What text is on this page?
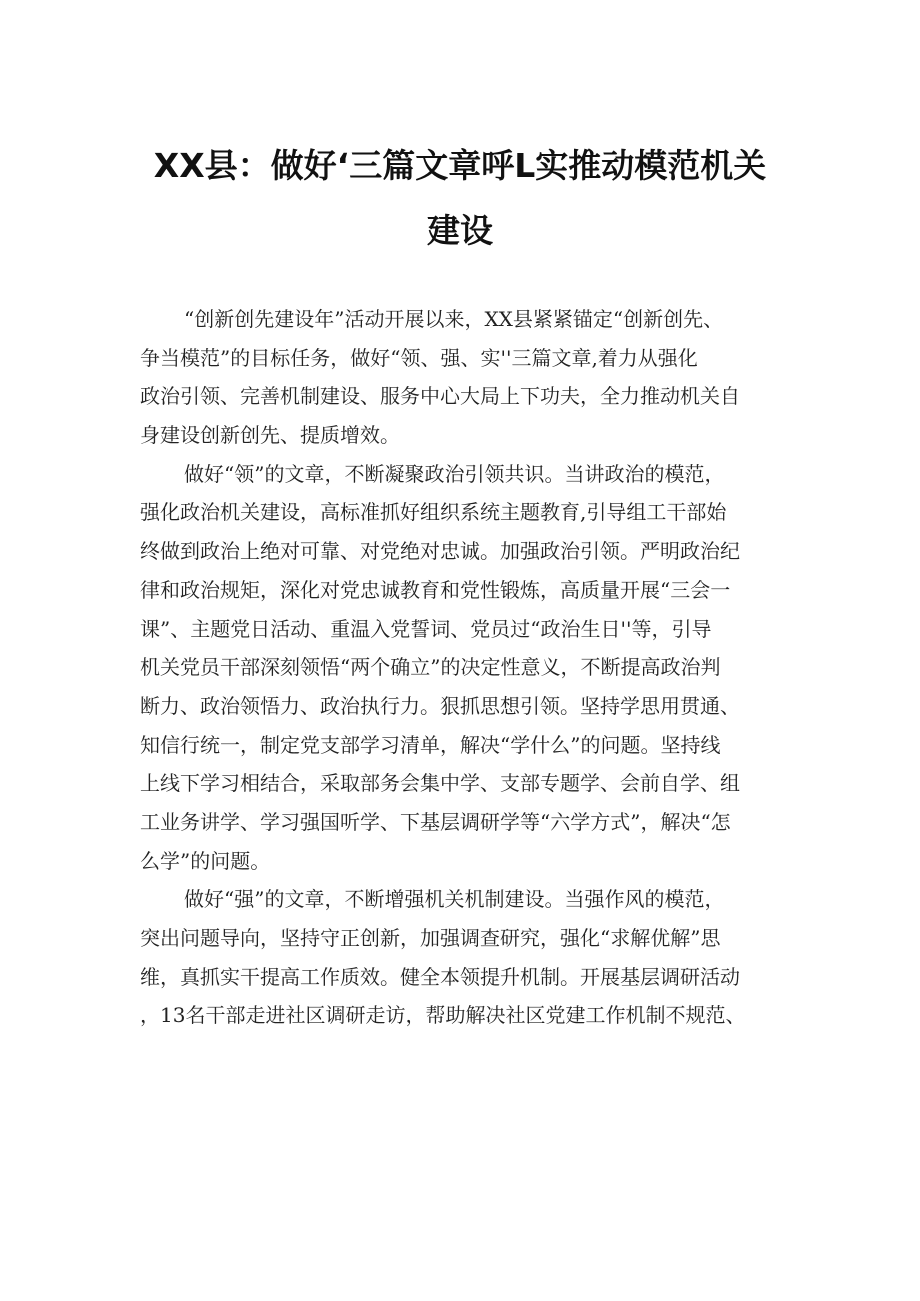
XX县：做好‘三篇文章呼L实推动模范机关
建设

“创新创先建设年”活动开展以来，XX县紧紧锚定“创新创先、

争当模范”的目标任务，做好“领、强、实''三篇文章,着力从强化

政治引领、完善机制建设、服务中心大局上下功夫，全力推动机关自

身建设创新创先、提质增效。

做好“领”的文章，不断凝聚政治引领共识。当讲政治的模范，

强化政治机关建设，高标准抓好组织系统主题教育,引导组工干部始

终做到政治上绝对可靠、对党绝对忠诚。加强政治引领。严明政治纪

律和政治规矩，深化对党忠诚教育和党性锻炼，高质量开展“三会一

课”、主题党日活动、重温入党誓词、党员过“政治生日''等，引导

机关党员干部深刻领悟“两个确立”的决定性意义，不断提高政治判

断力、政治领悟力、政治执行力。狠抓思想引领。坚持学思用贯通、

知信行统一，制定党支部学习清单，解决“学什么”的问题。坚持线

上线下学习相结合，采取部务会集中学、支部专题学、会前自学、组

工业务讲学、学习强国听学、下基层调研学等“六学方式”，解决“怎

么学”的问题。

做好“强”的文章，不断增强机关机制建设。当强作风的模范，

突出问题导向，坚持守正创新，加强调查研究，强化“求解优解”思

维，真抓实干提高工作质效。健全本领提升机制。开展基层调研活动

，13名干部走进社区调研走访，帮助解决社区党建工作机制不规范、
